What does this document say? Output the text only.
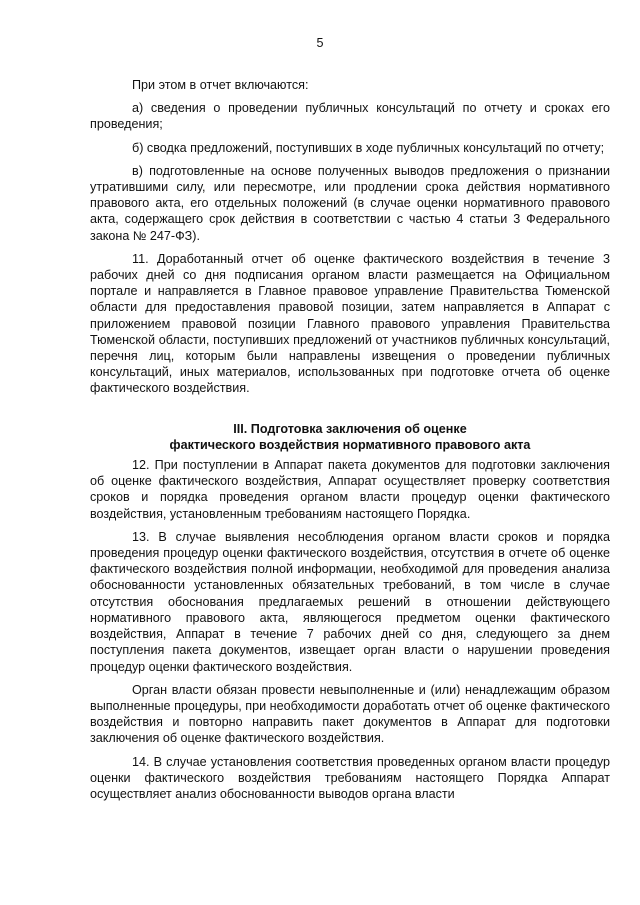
5

При этом в отчет включаются:

а) сведения о проведении публичных консультаций по отчету и сроках его проведения;

б) сводка предложений, поступивших в ходе публичных консультаций по отчету;

в) подготовленные на основе полученных выводов предложения о признании утратившими силу, или пересмотре, или продлении срока действия нормативного правового акта, его отдельных положений (в случае оценки нормативного правового акта, содержащего срок действия в соответствии с частью 4 статьи 3 Федерального закона № 247-ФЗ).

11. Доработанный отчет об оценке фактического воздействия в течение 3 рабочих дней со дня подписания органом власти размещается на Официальном портале и направляется в Главное правовое управление Правительства Тюменской области для предоставления правовой позиции, затем направляется в Аппарат с приложением правовой позиции Главного правового управления Правительства Тюменской области, поступивших предложений от участников публичных консультаций, перечня лиц, которым были направлены извещения о проведении публичных консультаций, иных материалов, использованных при подготовке отчета об оценке фактического воздействия.

III. Подготовка заключения об оценке
фактического воздействия нормативного правового акта

12. При поступлении в Аппарат пакета документов для подготовки заключения об оценке фактического воздействия, Аппарат осуществляет проверку соответствия сроков и порядка проведения органом власти процедур оценки фактического воздействия, установленным требованиям настоящего Порядка.

13. В случае выявления несоблюдения органом власти сроков и порядка проведения процедур оценки фактического воздействия, отсутствия в отчете об оценке фактического воздействия полной информации, необходимой для проведения анализа обоснованности установленных обязательных требований, в том числе в случае отсутствия обоснования предлагаемых решений в отношении действующего нормативного правового акта, являющегося предметом оценки фактического воздействия, Аппарат в течение 7 рабочих дней со дня, следующего за днем поступления пакета документов, извещает орган власти о нарушении проведения процедур оценки фактического воздействия.

Орган власти обязан провести невыполненные и (или) ненадлежащим образом выполненные процедуры, при необходимости доработать отчет об оценке фактического воздействия и повторно направить пакет документов в Аппарат для подготовки заключения об оценке фактического воздействия.

14. В случае установления соответствия проведенных органом власти процедур оценки фактического воздействия требованиям настоящего Порядка Аппарат осуществляет анализ обоснованности выводов органа власти
